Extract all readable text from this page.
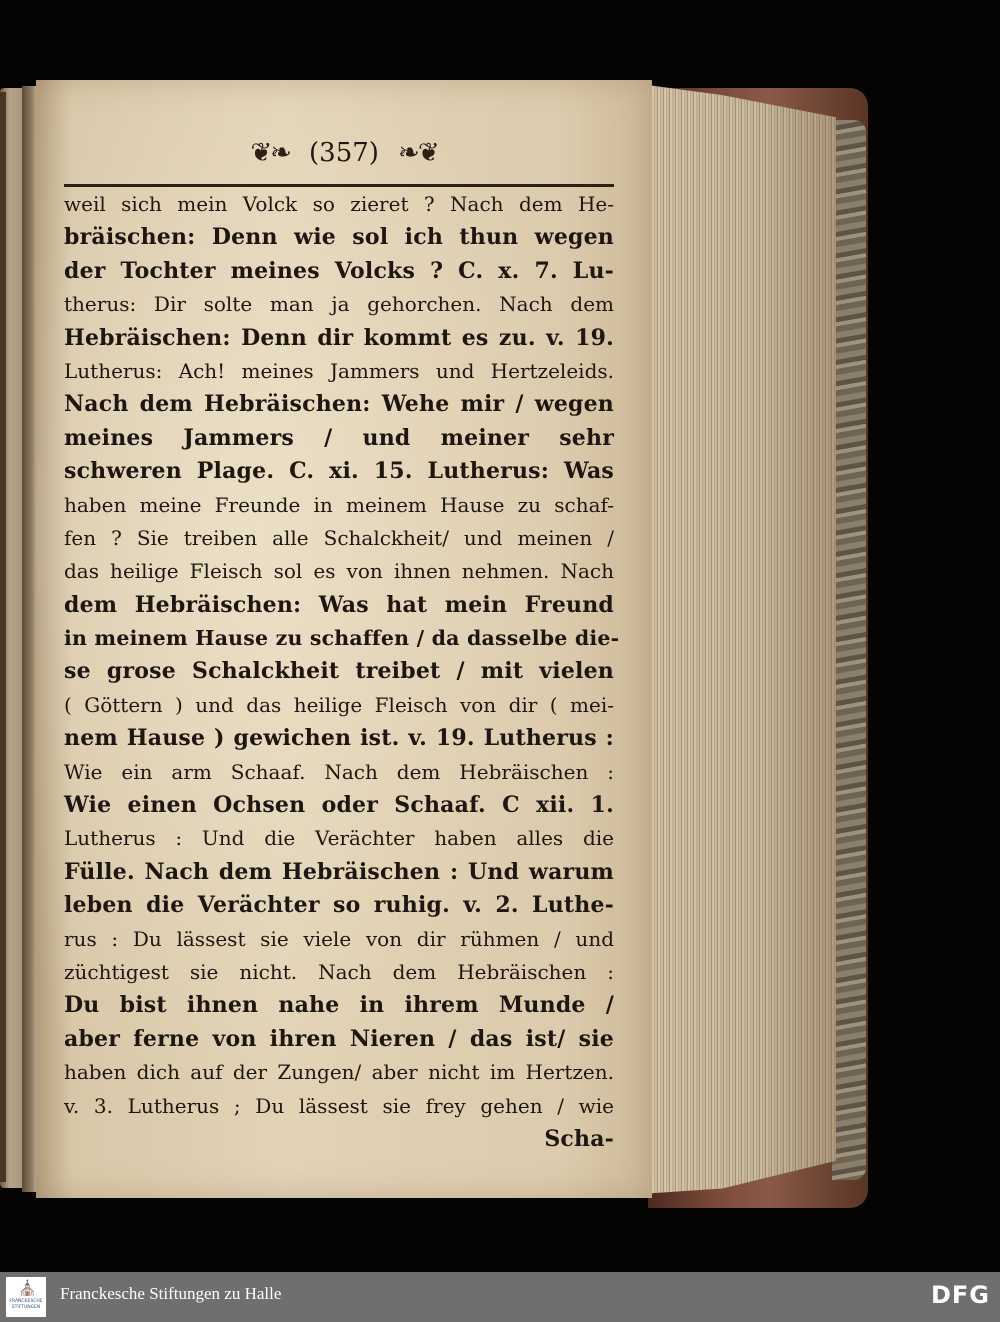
❦❧ (357) ❧❦
weil sich mein Volck so zieret ? Nach dem He-
bräischen: Denn wie sol ich thun wegen
der Tochter meines Volcks ? C. x. 7. Lu-
therus: Dir solte man ja gehorchen. Nach dem
Hebräischen: Denn dir kommt es zu. v. 19.
Lutherus: Ach! meines Jammers und Hertzeleids.
Nach dem Hebräischen: Wehe mir / wegen
meines Jammers / und meiner sehr
schweren Plage. C. xi. 15. Lutherus: Was
haben meine Freunde in meinem Hause zu schaf-
fen ? Sie treiben alle Schalckheit/ und meinen /
das heilige Fleisch sol es von ihnen nehmen. Nach
dem Hebräischen: Was hat mein Freund
in meinem Hause zu schaffen / da dasselbe die-
se grose Schalckheit treibet / mit vielen
( Göttern ) und das heilige Fleisch von dir ( mei-
nem Hause ) gewichen ist. v. 19. Lutherus :
Wie ein arm Schaaf. Nach dem Hebräischen :
Wie einen Ochsen oder Schaaf. C xii. 1.
Lutherus : Und die Verächter haben alles die
Fülle. Nach dem Hebräischen : Und warum
leben die Verächter so ruhig. v. 2. Luthe-
rus : Du lässest sie viele von dir rühmen / und
züchtigest sie nicht. Nach dem Hebräischen :
Du bist ihnen nahe in ihrem Munde /
aber ferne von ihren Nieren / das ist/ sie
haben dich auf der Zungen/ aber nicht im Hertzen.
v. 3. Lutherus ; Du lässest sie frey gehen / wie
Scha-
⛪
FRANCKESCHE STIFTUNGEN
Franckesche Stiftungen zu Halle	DFG
